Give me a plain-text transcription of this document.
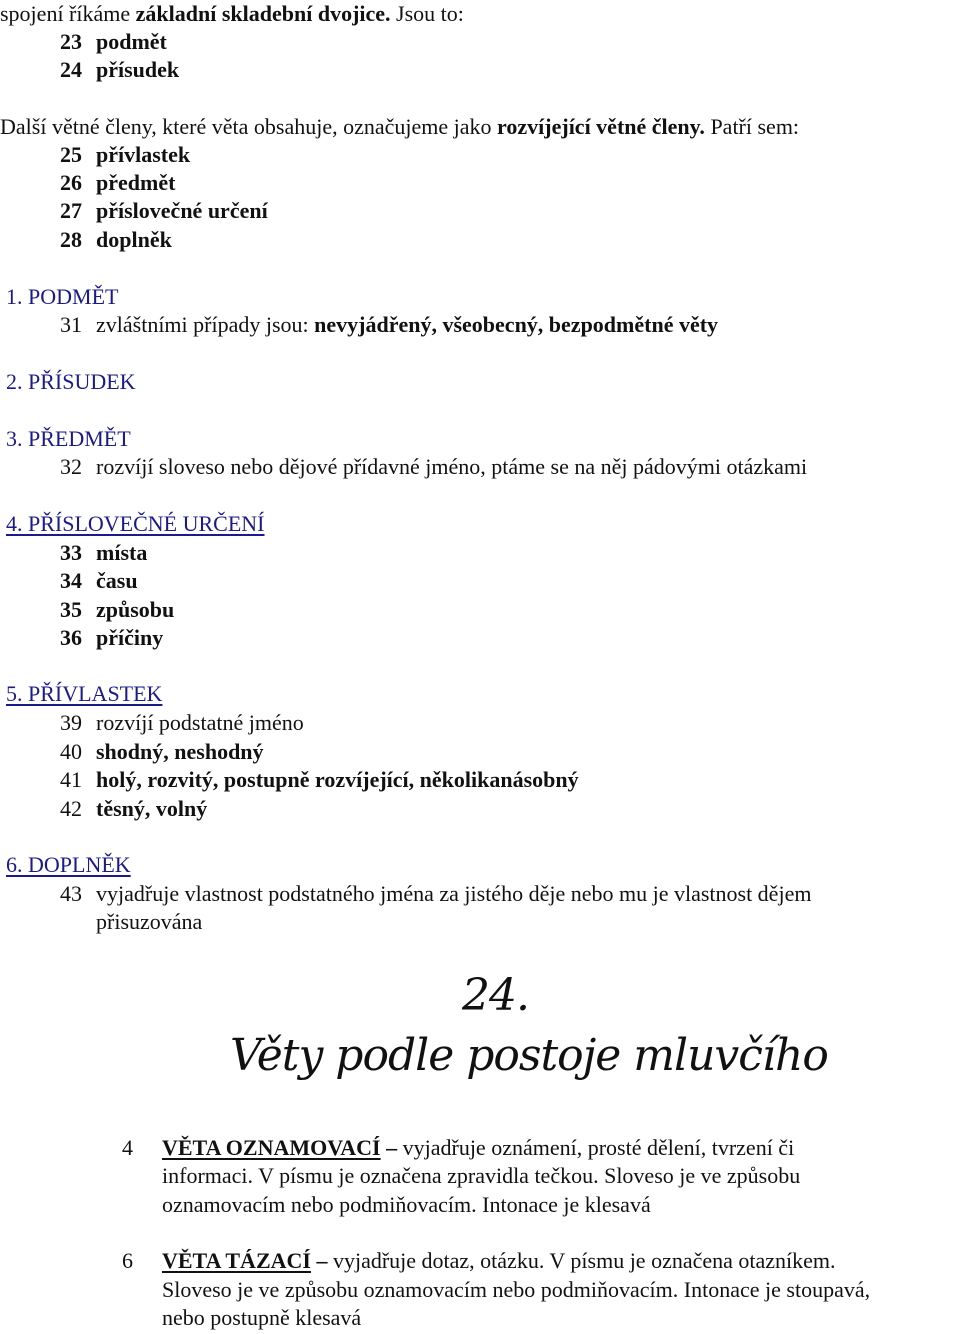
spojení říkáme základní skladební dvojice. Jsou to:
23 podmět
24 přísudek
Další větné členy, které věta obsahuje, označujeme jako rozvíjející větné členy. Patří sem:
25 přívlastek
26 předmět
27 příslovečné určení
28 doplněk
1. PODMĚT
31 zvláštními případy jsou: nevyjádřený, všeobecný, bezpodmětné věty
2. PŘÍSUDEK
3. PŘEDMĚT
32 rozvíjí sloveso nebo dějové přídavné jméno, ptáme se na něj pádovými otázkami
4. PŘÍSLOVEČNÉ URČENÍ
33 místa
34 času
35 způsobu
36 příčiny
5. PŘÍVLASTEK
39 rozvíjí podstatné jméno
40 shodný, neshodný
41 holý, rozvitý, postupně rozvíjející, několikanásobný
42 těsný, volný
6. DOPLNĚK
43 vyjadřuje vlastnost podstatného jména za jistého děje nebo mu je vlastnost dějem
přisuzována
24.
Věty podle postoje mluvčího
4 VĚTA OZNAMOVACÍ – vyjadřuje oznámení, prosté dělení, tvrzení či
informaci. V písmu je označena zpravidla tečkou. Sloveso je ve způsobu
oznamovacím nebo podmiňovacím. Intonace je klesavá
6 VĚTA TÁZACÍ – vyjadřuje dotaz, otázku. V písmu je označena otazníkem.
Sloveso je ve způsobu oznamovacím nebo podmiňovacím. Intonace je stoupavá,
nebo postupně klesavá
